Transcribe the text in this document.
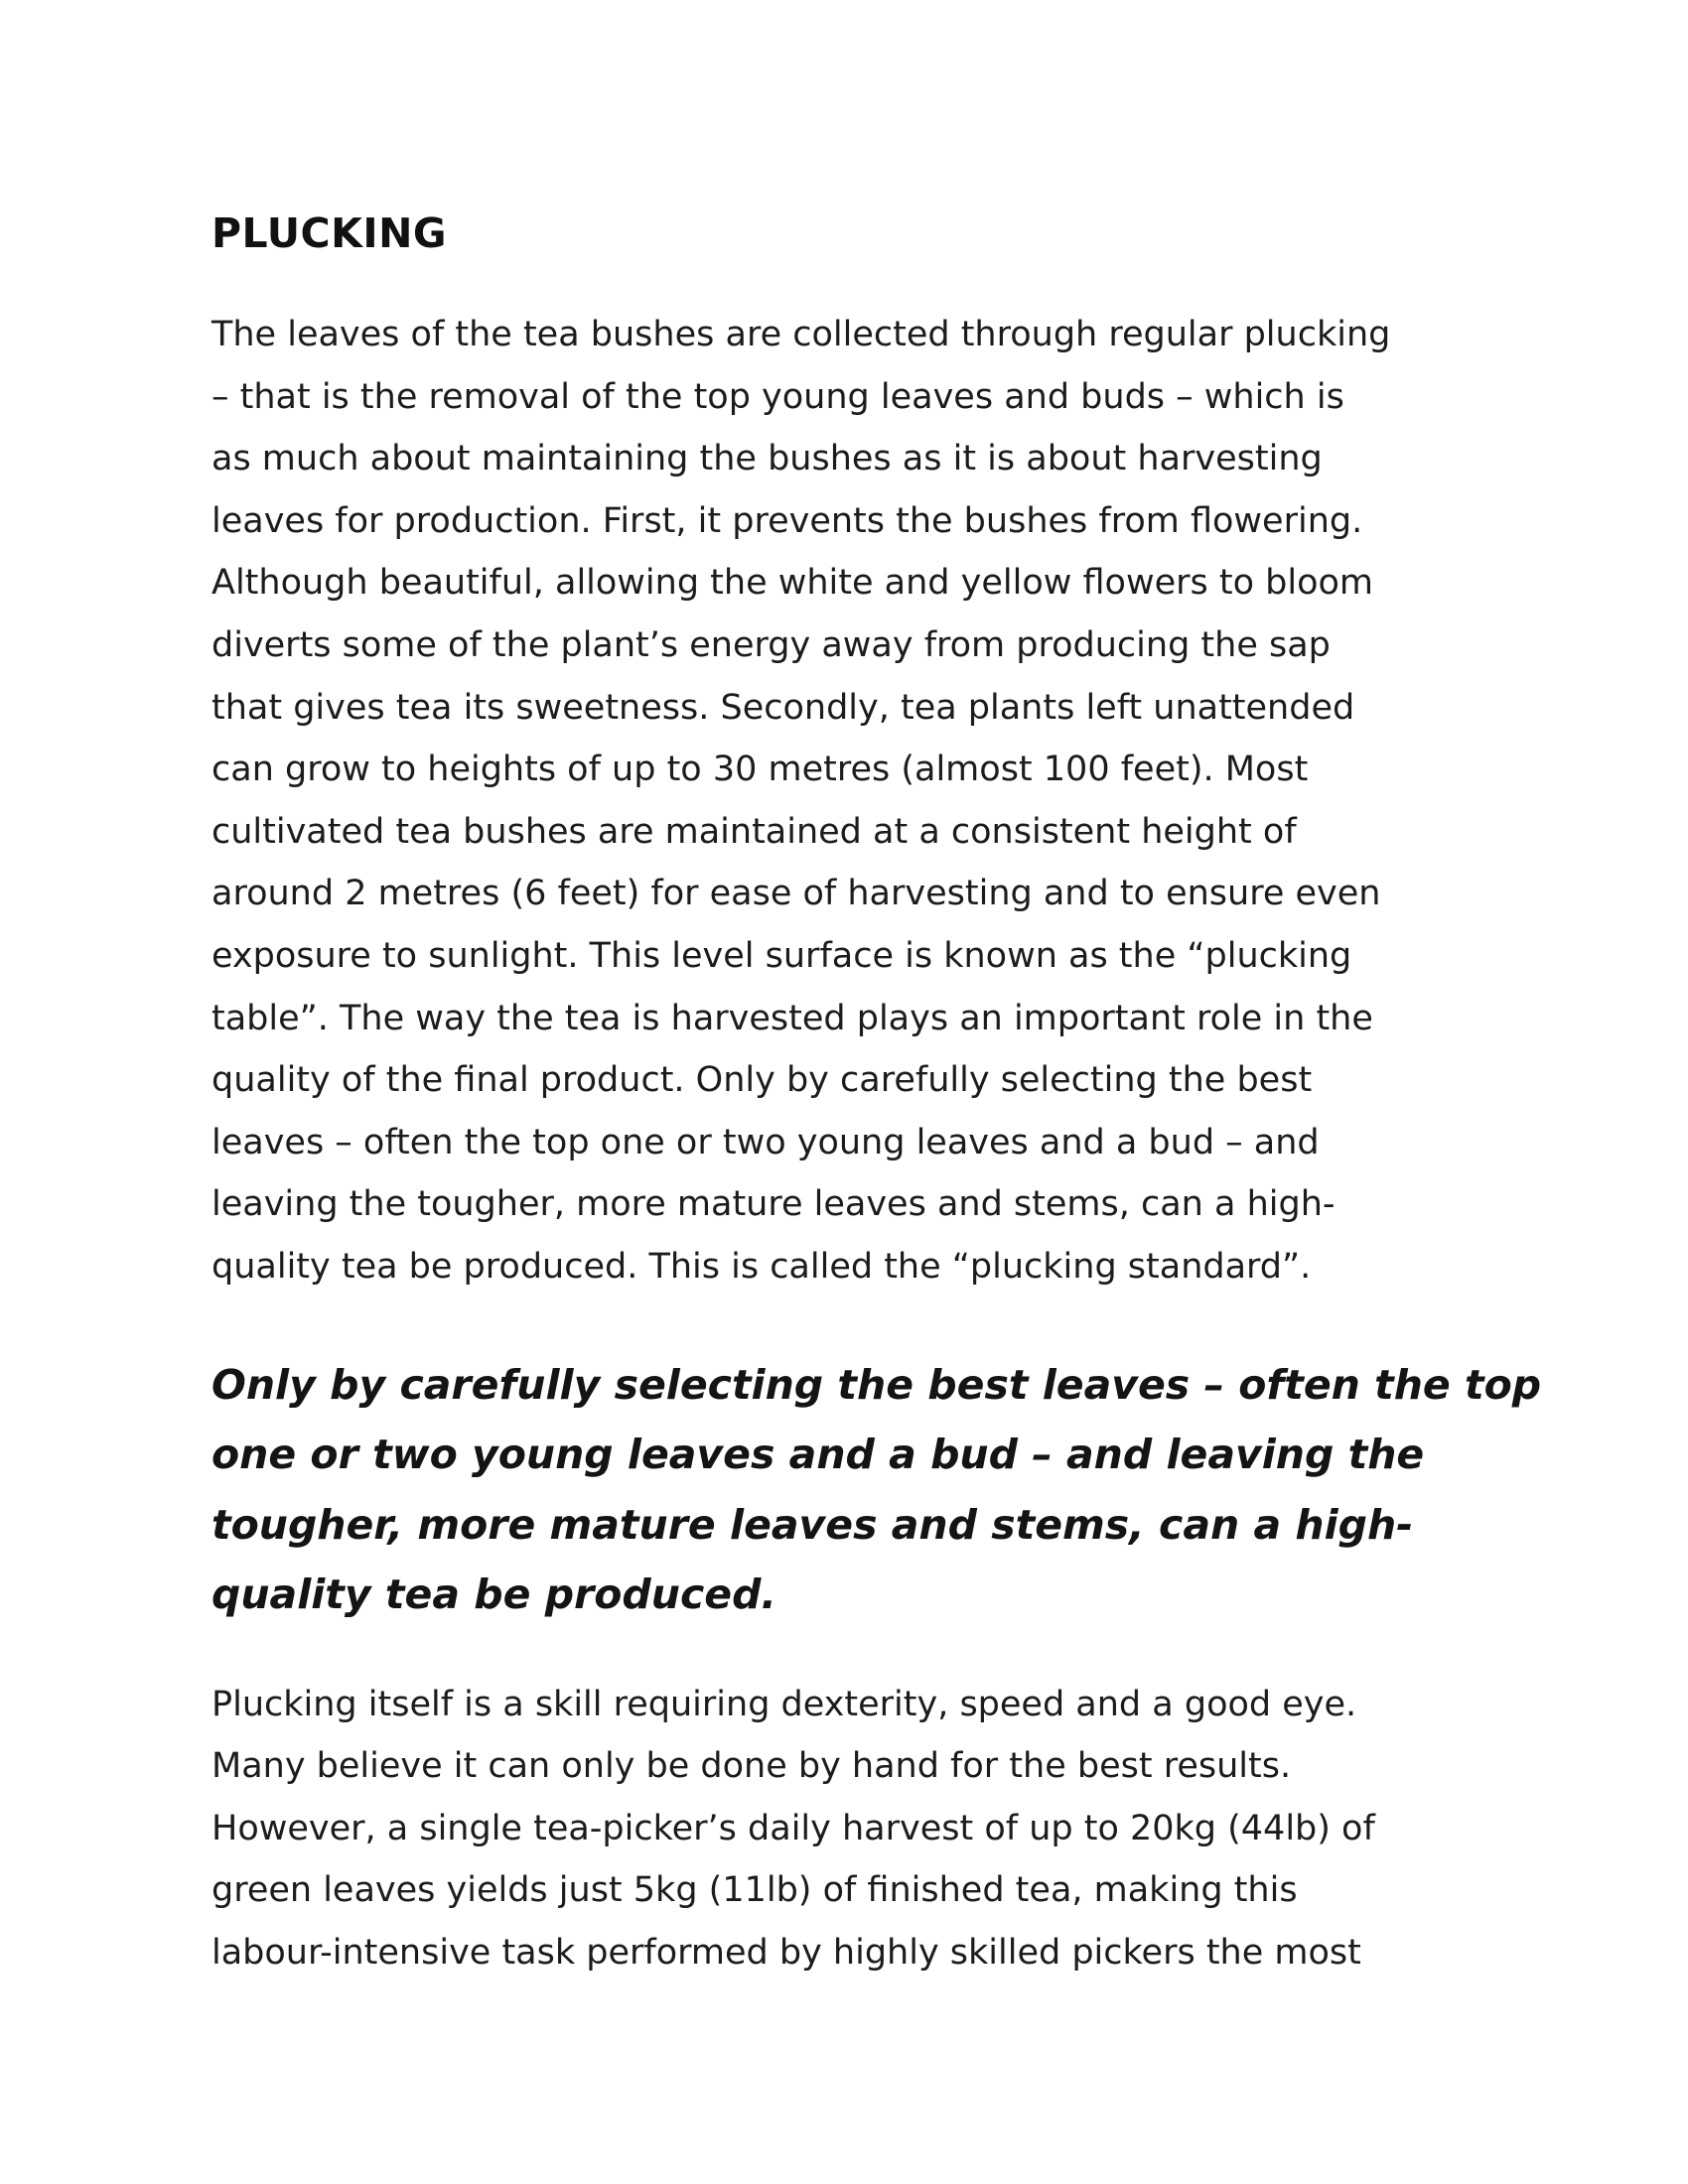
PLUCKING

The leaves of the tea bushes are collected through regular plucking
– that is the removal of the top young leaves and buds – which is
as much about maintaining the bushes as it is about harvesting
leaves for production. First, it prevents the bushes from flowering.
Although beautiful, allowing the white and yellow flowers to bloom
diverts some of the plant’s energy away from producing the sap
that gives tea its sweetness. Secondly, tea plants left unattended
can grow to heights of up to 30 metres (almost 100 feet). Most
cultivated tea bushes are maintained at a consistent height of
around 2 metres (6 feet) for ease of harvesting and to ensure even
exposure to sunlight. This level surface is known as the “plucking
table”. The way the tea is harvested plays an important role in the
quality of the final product. Only by carefully selecting the best
leaves – often the top one or two young leaves and a bud – and
leaving the tougher, more mature leaves and stems, can a high-
quality tea be produced. This is called the “plucking standard”.

Only by carefully selecting the best leaves – often the top
one or two young leaves and a bud – and leaving the
tougher, more mature leaves and stems, can a high-
quality tea be produced.

Plucking itself is a skill requiring dexterity, speed and a good eye.
Many believe it can only be done by hand for the best results.
However, a single tea-picker’s daily harvest of up to 20kg (44lb) of
green leaves yields just 5kg (11lb) of finished tea, making this
labour-intensive task performed by highly skilled pickers the most
